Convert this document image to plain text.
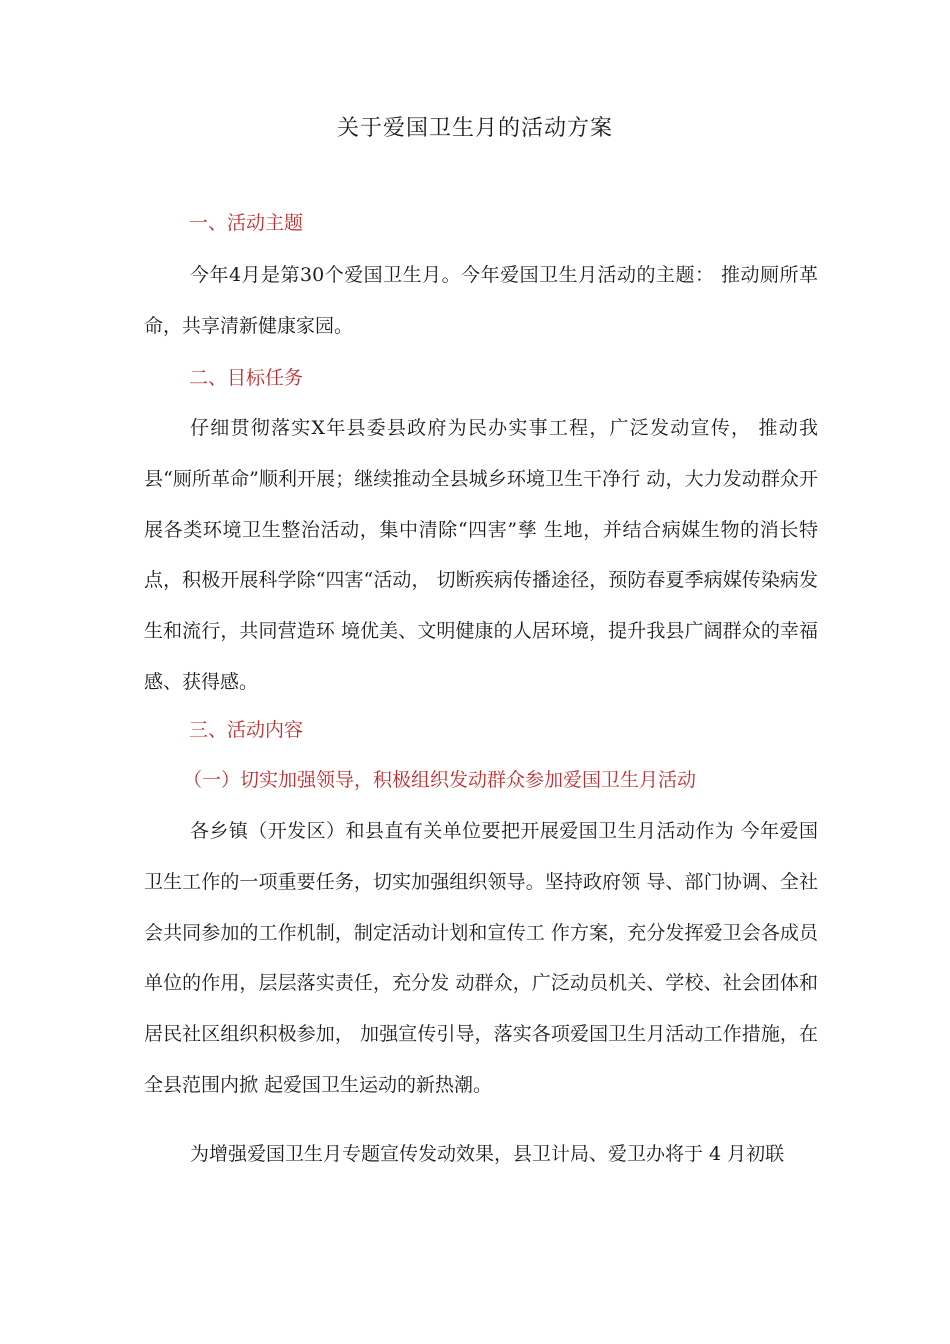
关于爱国卫生月的活动方案
一、活动主题

今年4月是第30个爱国卫生月。今年爱国卫生月活动的主题： 推动厕所革命，共享清新健康家园。

二、目标任务

仔细贯彻落实X年县委县政府为民办实事工程，广泛发动宣传， 推动我县“厕所革命”顺利开展；继续推动全县城乡环境卫生干净行 动，大力发动群众开展各类环境卫生整治活动，集中清除“四害”孳 生地，并结合病媒生物的消长特点，积极开展科学除“四害“活动， 切断疾病传播途径，预防春夏季病媒传染病发生和流行，共同营造环 境优美、文明健康的人居环境，提升我县广阔群众的幸福感、获得感。

三、活动内容
（一）切实加强领导，积极组织发动群众参加爱国卫生月活动

各乡镇（开发区）和县直有关单位要把开展爱国卫生月活动作为 今年爱国卫生工作的一项重要任务，切实加强组织领导。坚持政府领 导、部门协调、全社会共同参加的工作机制，制定活动计划和宣传工 作方案，充分发挥爱卫会各成员单位的作用，层层落实责任，充分发 动群众，广泛动员机关、学校、社会团体和居民社区组织积极参加， 加强宣传引导，落实各项爱国卫生月活动工作措施，在全县范围内掀 起爱国卫生运动的新热潮。

为增强爱国卫生月专题宣传发动效果，县卫计局、爱卫办将于 4 月初联
